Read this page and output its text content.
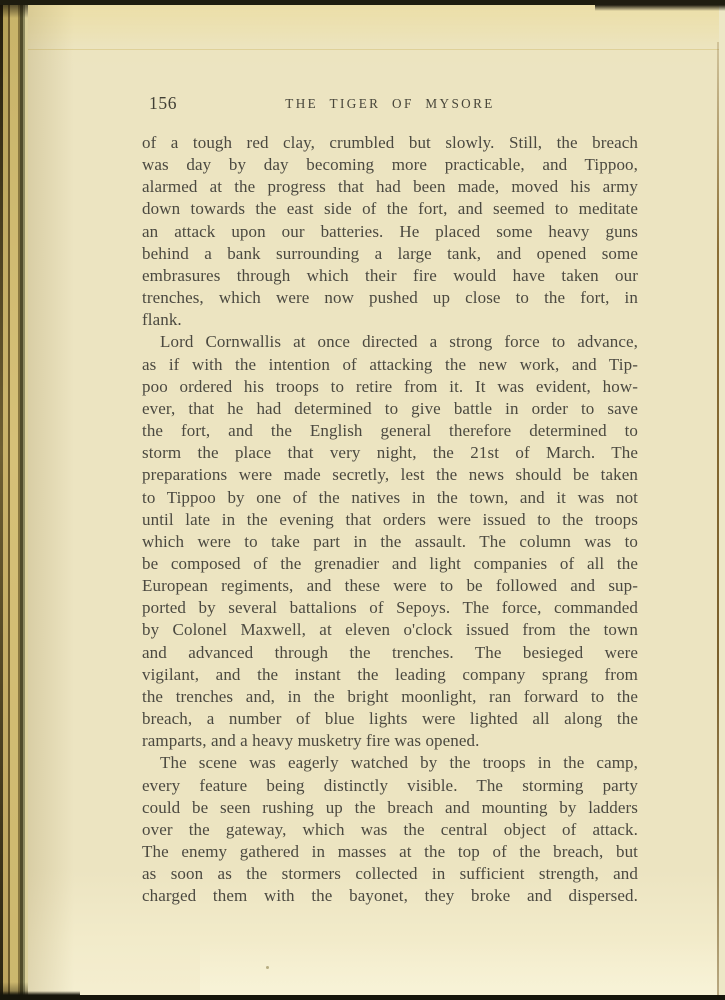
156	THE TIGER OF MYSORE
of a tough red clay, crumbled but slowly. Still, the breach
was day by day becoming more practicable, and Tippoo,
alarmed at the progress that had been made, moved his army
down towards the east side of the fort, and seemed to meditate
an attack upon our batteries. He placed some heavy guns
behind a bank surrounding a large tank, and opened some
embrasures through which their fire would have taken our
trenches, which were now pushed up close to the fort, in
flank.
Lord Cornwallis at once directed a strong force to advance,
as if with the intention of attacking the new work, and Tip-
poo ordered his troops to retire from it. It was evident, how-
ever, that he had determined to give battle in order to save
the fort, and the English general therefore determined to
storm the place that very night, the 21st of March. The
preparations were made secretly, lest the news should be taken
to Tippoo by one of the natives in the town, and it was not
until late in the evening that orders were issued to the troops
which were to take part in the assault. The column was to
be composed of the grenadier and light companies of all the
European regiments, and these were to be followed and sup-
ported by several battalions of Sepoys. The force, commanded
by Colonel Maxwell, at eleven o'clock issued from the town
and advanced through the trenches. The besieged were
vigilant, and the instant the leading company sprang from
the trenches and, in the bright moonlight, ran forward to the
breach, a number of blue lights were lighted all along the
ramparts, and a heavy musketry fire was opened.
The scene was eagerly watched by the troops in the camp,
every feature being distinctly visible. The storming party
could be seen rushing up the breach and mounting by ladders
over the gateway, which was the central object of attack.
The enemy gathered in masses at the top of the breach, but
as soon as the stormers collected in sufficient strength, and
charged them with the bayonet, they broke and dispersed.
